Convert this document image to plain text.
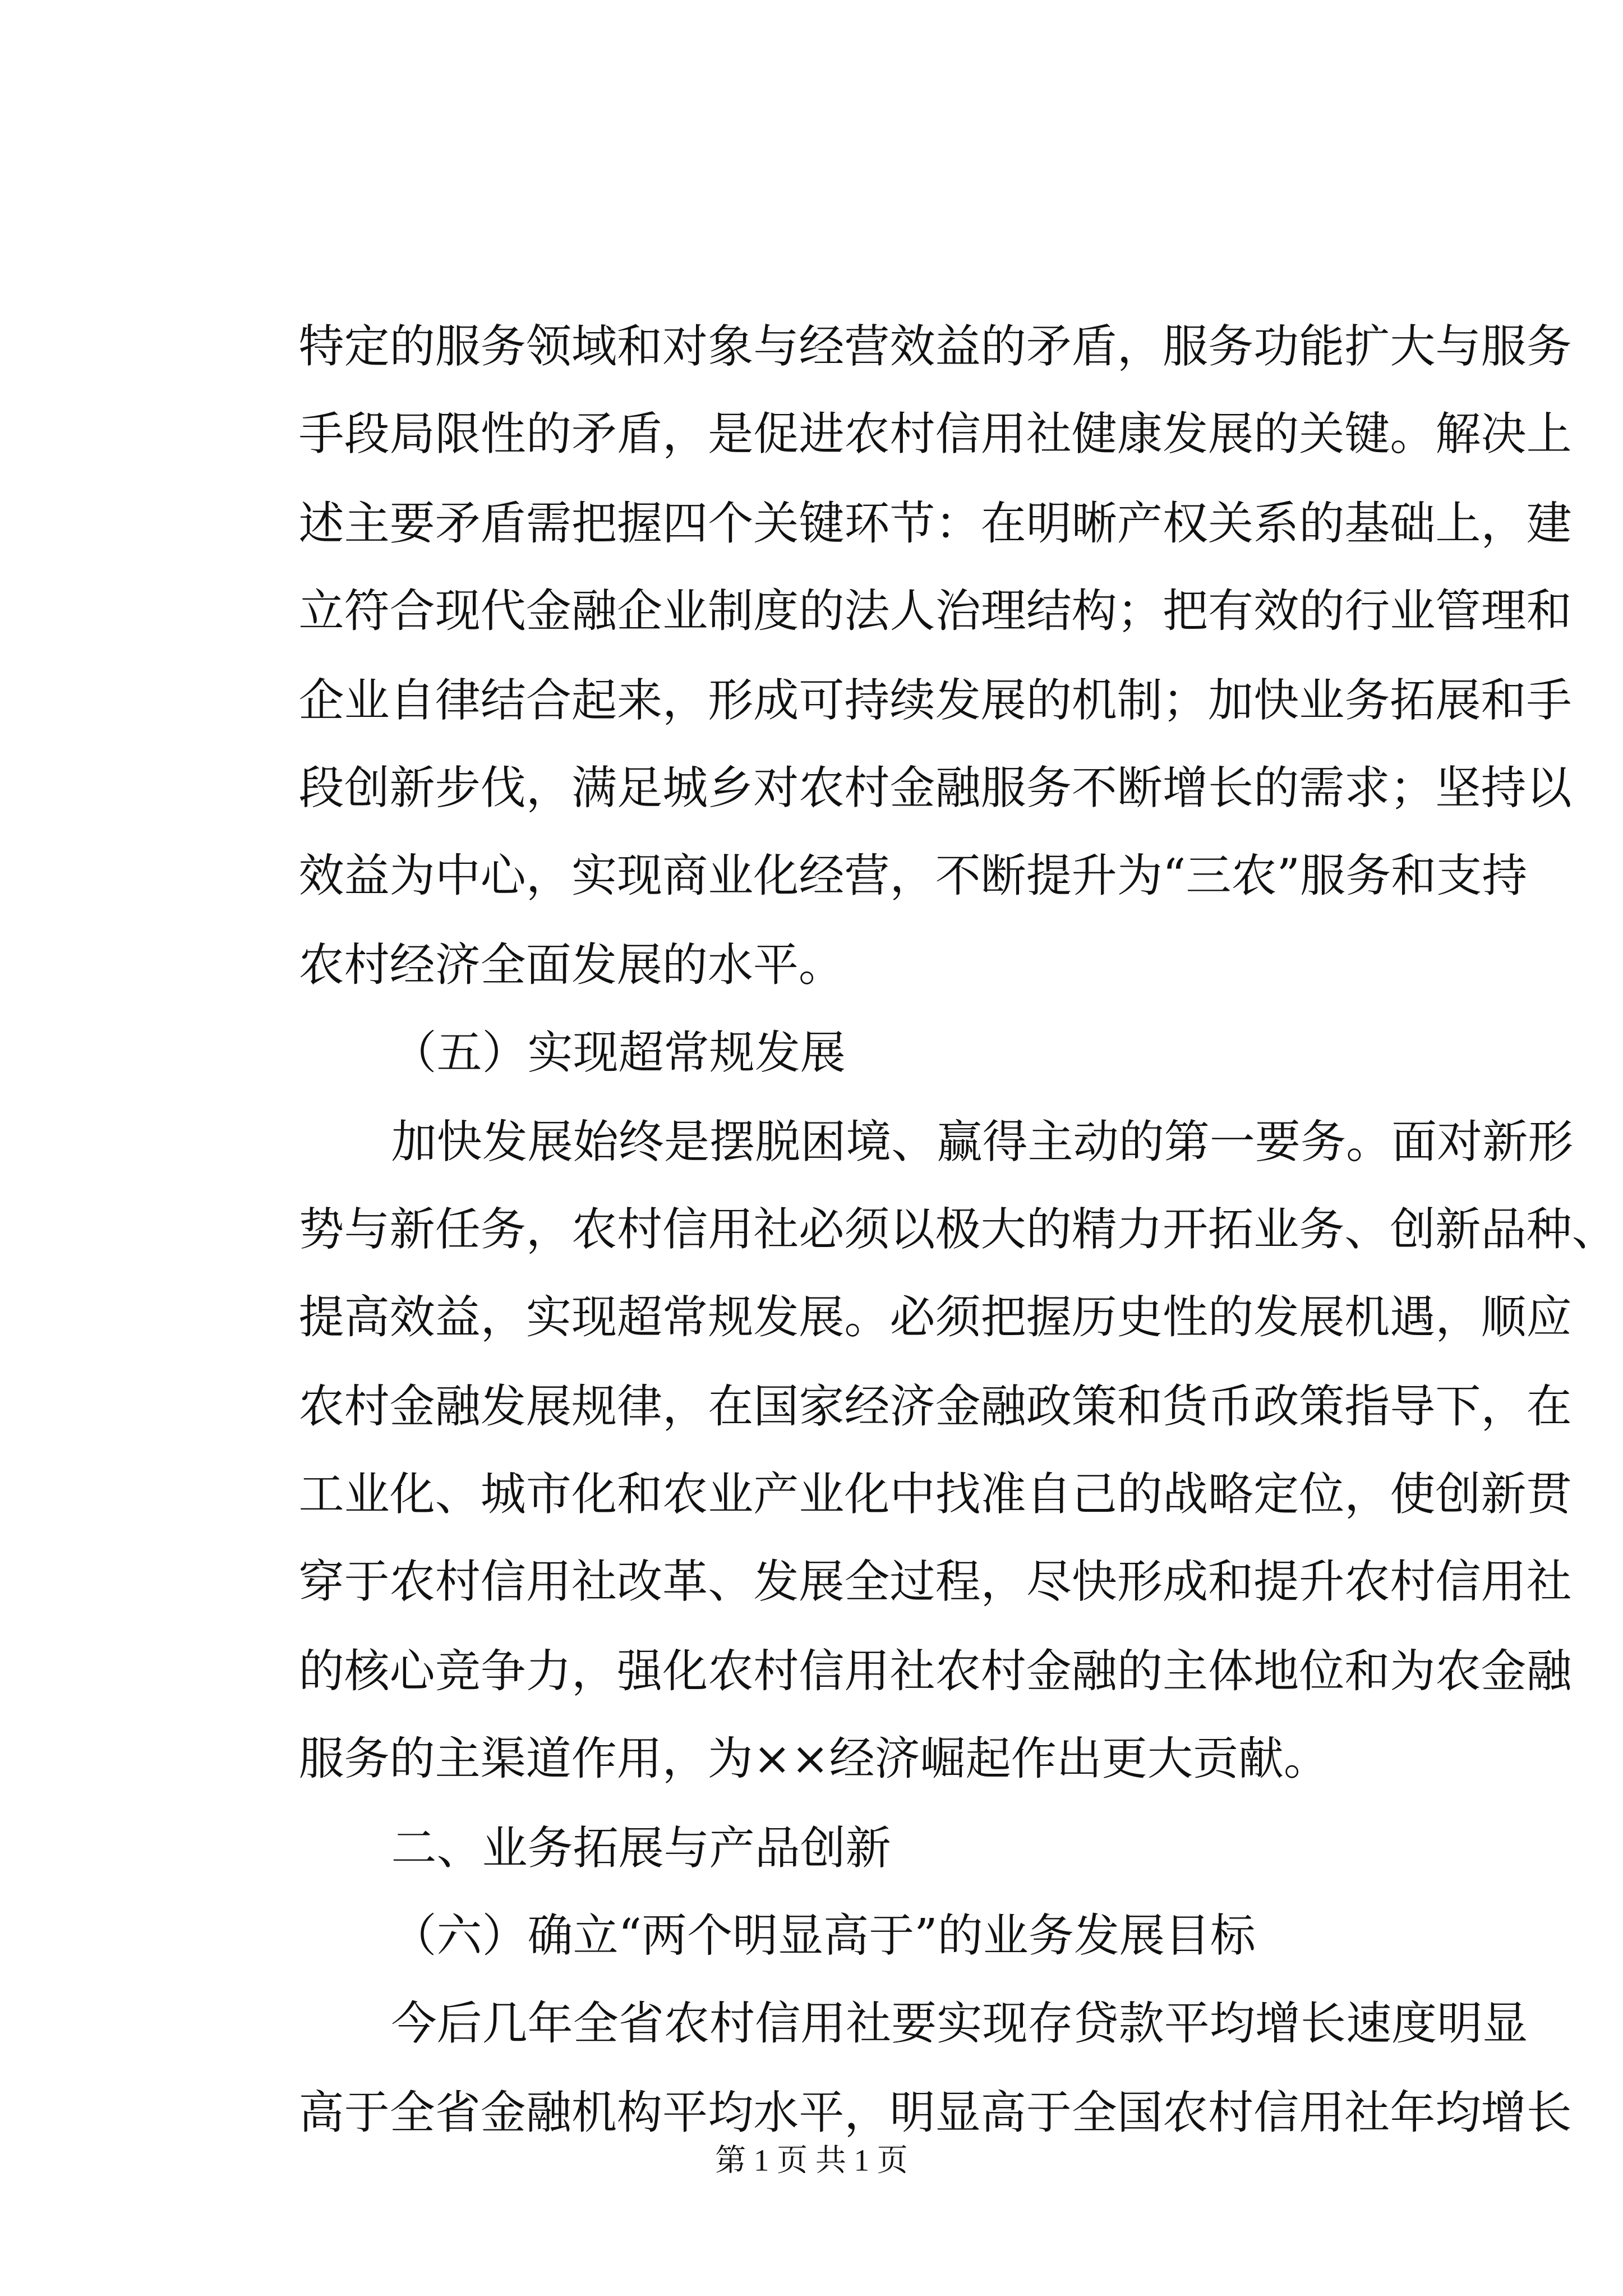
特 定 的 服 务 领 域 和 对 象 与 经 营 效 益 的 矛 盾 ， 服 务 功 能 扩 大 与 服 务
手 段 局 限 性 的 矛 盾 ， 是 促 进 农 村 信 用 社 健 康 发 展 的 关 键 。 解 决 上
述 主 要 矛 盾 需 把 握 四 个 关 键 环 节 ： 在 明 晰 产 权 关 系 的 基 础 上 ， 建
立 符 合 现 代 金 融 企 业 制 度 的 法 人 治 理 结 构 ； 把 有 效 的 行 业 管 理 和
企 业 自 律 结 合 起 来 ， 形 成 可 持 续 发 展 的 机 制 ； 加 快 业 务 拓 展 和 手
段 创 新 步 伐 ， 满 足 城 乡 对 农 村 金 融 服 务 不 断 增 长 的 需 求 ； 坚 持 以
效 益 为 中 心 ， 实 现 商 业 化 经 营 ， 不 断 提 升 为 “ 三 农 ” 服 务 和 支 持
农村经济全面发展的水平。
（五）实现超常规发展
加 快 发 展 始 终 是 摆 脱 困 境 、 赢 得 主 动 的 第 一 要 务 。 面 对 新 形
势 与 新 任 务 ， 农 村 信 用 社 必 须 以 极 大 的 精 力 开 拓 业 务 、 创 新 品 种 、
提 高 效 益 ， 实 现 超 常 规 发 展 。 必 须 把 握 历 史 性 的 发 展 机 遇 ， 顺 应
农 村 金 融 发 展 规 律 ， 在 国 家 经 济 金 融 政 策 和 货 币 政 策 指 导 下 ， 在
工 业 化 、 城 市 化 和 农 业 产 业 化 中 找 准 自 己 的 战 略 定 位 ， 使 创 新 贯
穿 于 农 村 信 用 社 改 革 、 发 展 全 过 程 ， 尽 快 形 成 和 提 升 农 村 信 用 社
的 核 心 竞 争 力 ， 强 化 农 村 信 用 社 农 村 金 融 的 主 体 地 位 和 为 农 金 融
服务的主渠道作用，为××经济崛起作出更大贡献。
二、业务拓展与产品创新
（六）确立“两个明显高于”的业务发展目标
今 后 几 年 全 省 农 村 信 用 社 要 实 现 存 贷 款 平 均 增 长 速 度 明 显
高 于 全 省 金 融 机 构 平 均 水 平 ， 明 显 高 于 全 国 农 村 信 用 社 年 均 增 长
第 1 页 共 1 页
